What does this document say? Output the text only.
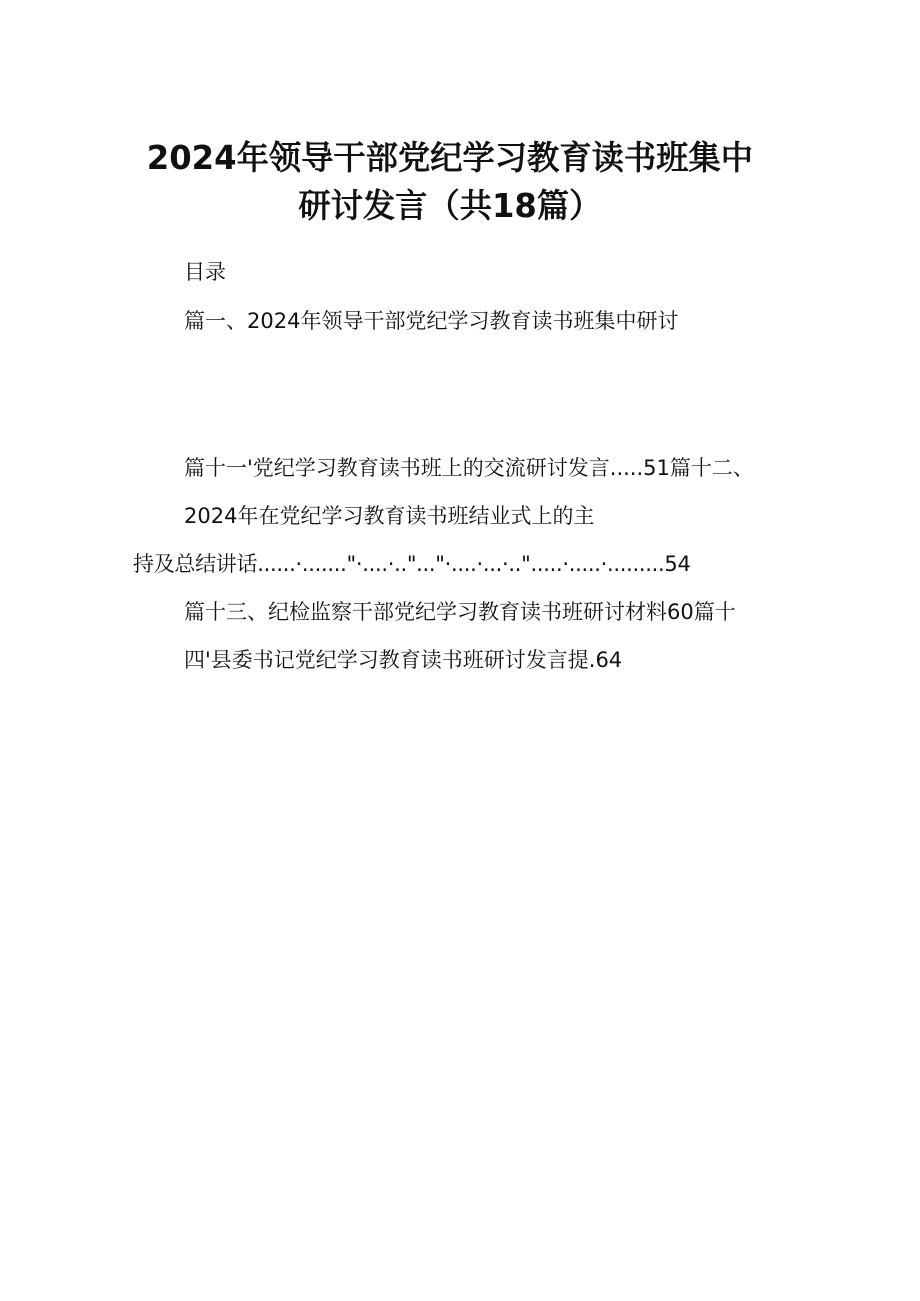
2024年领导干部党纪学习教育读书班集中
研讨发言（共18篇）
目录
篇一、2024年领导干部党纪学习教育读书班集中研讨
篇十一'党纪学习教育读书班上的交流研讨发言.....51篇十二、
2024年在党纪学习教育读书班结业式上的主
持及总结讲话......·......."·....·.."..."·....·...·..".....·.....·.........54
篇十三、纪检监察干部党纪学习教育读书班研讨材料60篇十
四'县委书记党纪学习教育读书班研讨发言提.64
